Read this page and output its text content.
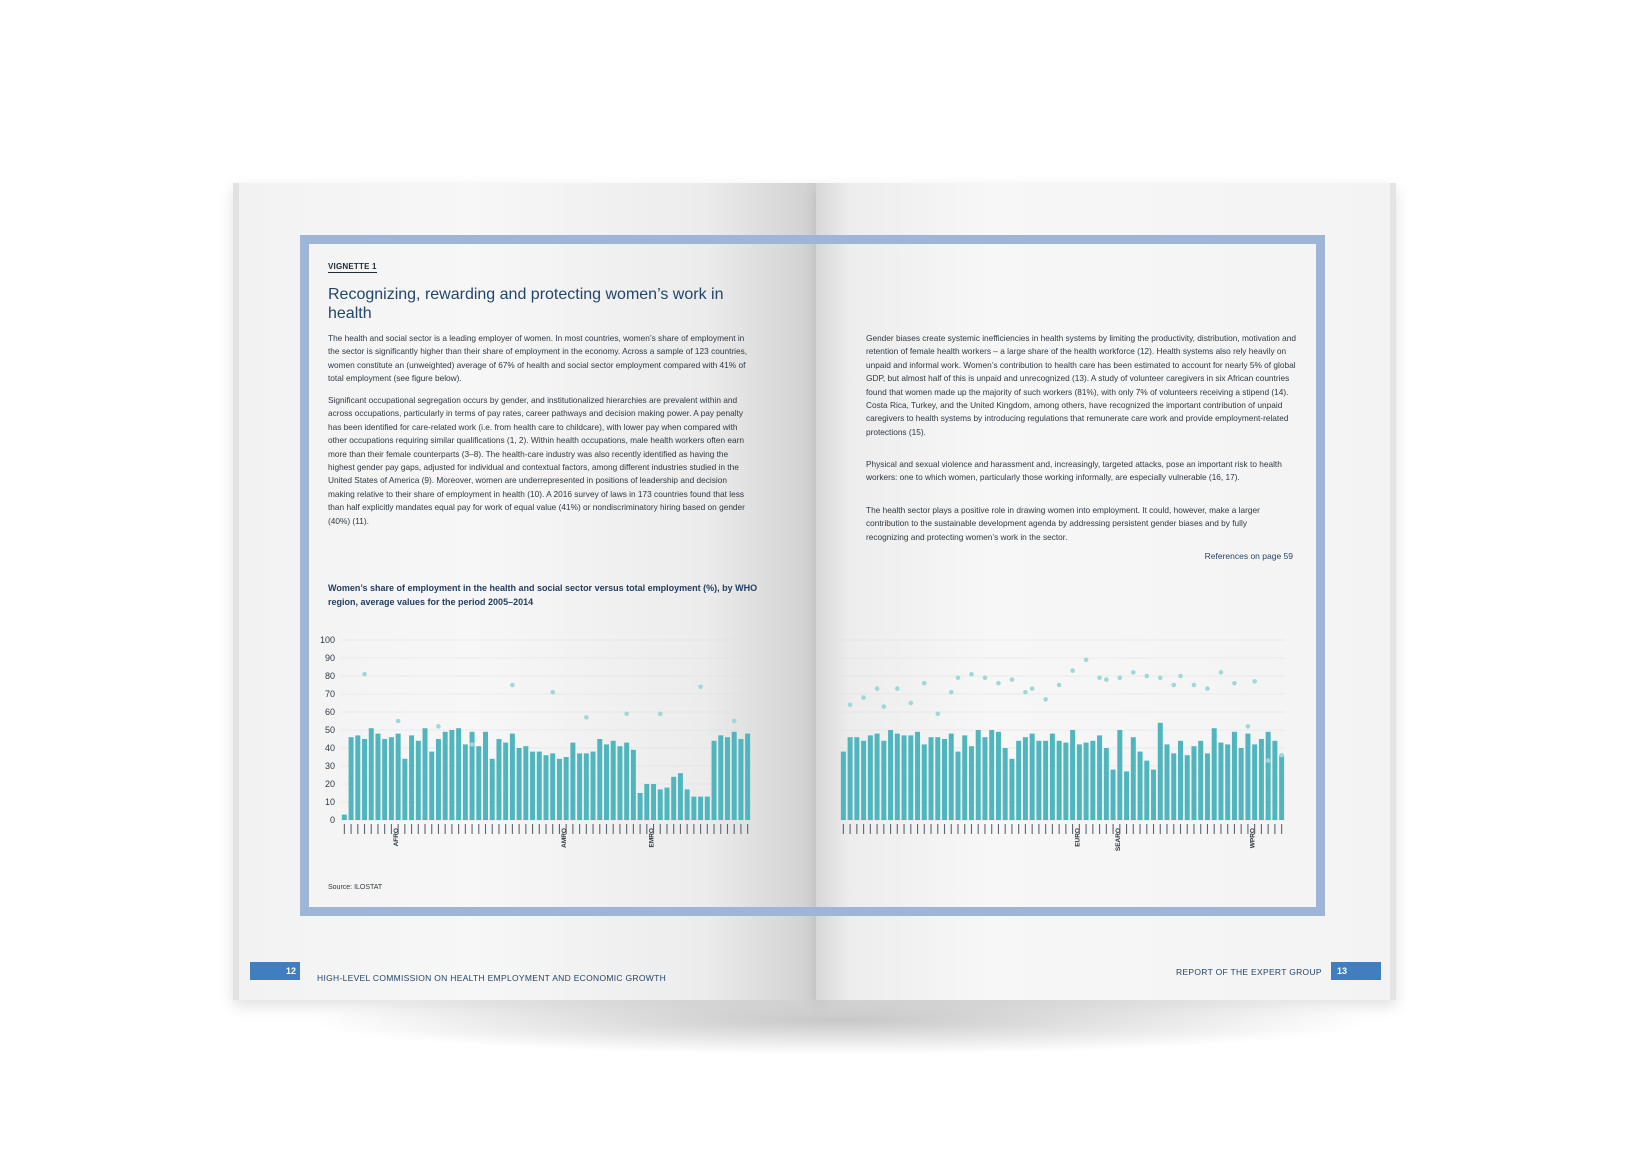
VIGNETTE 1
Recognizing, rewarding and protecting women’s work in health

The health and social sector is a leading employer of women. In most countries, women’s share of employment in the sector is significantly higher than their share of employment in the economy. Across a sample of 123 countries, women constitute an (unweighted) average of 67% of health and social sector employment compared with 41% of total employment (see figure below).

Significant occupational segregation occurs by gender, and institutionalized hierarchies are prevalent within and across occupations, particularly in terms of pay rates, career pathways and decision making power. A pay penalty has been identified for care-related work (i.e. from health care to childcare), with lower pay when compared with other occupations requiring similar qualifications (1, 2). Within health occupations, male health workers often earn more than their female counterparts (3–8). The health-care industry was also recently identified as having the highest gender pay gaps, adjusted for individual and contextual factors, among different industries studied in the United States of America (9). Moreover, women are underrepresented in positions of leadership and decision making relative to their share of employment in health (10). A 2016 survey of laws in 173 countries found that less than half explicitly mandates equal pay for work of equal value (41%) or nondiscriminatory hiring based on gender (40%) (11).

Women’s share of employment in the health and social sector versus total employment (%), by WHO region, average values for the period 2005–2014
100
90
80
70
60
50
40
30
20
10
0
AFRO	AMRO	EMRO	EURO	SEARO	WPRO
Source: ILOSTAT

Gender biases create systemic inefficiencies in health systems by limiting the productivity, distribution, motivation and retention of female health workers – a large share of the health workforce (12). Health systems also rely heavily on unpaid and informal work. Women’s contribution to health care has been estimated to account for nearly 5% of global GDP, but almost half of this is unpaid and unrecognized (13). A study of volunteer caregivers in six African countries found that women made up the majority of such workers (81%), with only 7% of volunteers receiving a stipend (14). Costa Rica, Turkey, and the United Kingdom, among others, have recognized the important contribution of unpaid caregivers to health systems by introducing regulations that remunerate care work and provide employment-related protections (15).

Physical and sexual violence and harassment and, increasingly, targeted attacks, pose an important risk to health workers: one to which women, particularly those working informally, are especially vulnerable (16, 17).

The health sector plays a positive role in drawing women into employment. It could, however, make a larger contribution to the sustainable development agenda by addressing persistent gender biases and by fully recognizing and protecting women’s work in the sector.

References on page 59
12
HIGH-LEVEL COMMISSION ON HEALTH EMPLOYMENT AND ECONOMIC GROWTH
REPORT OF THE EXPERT GROUP	13
